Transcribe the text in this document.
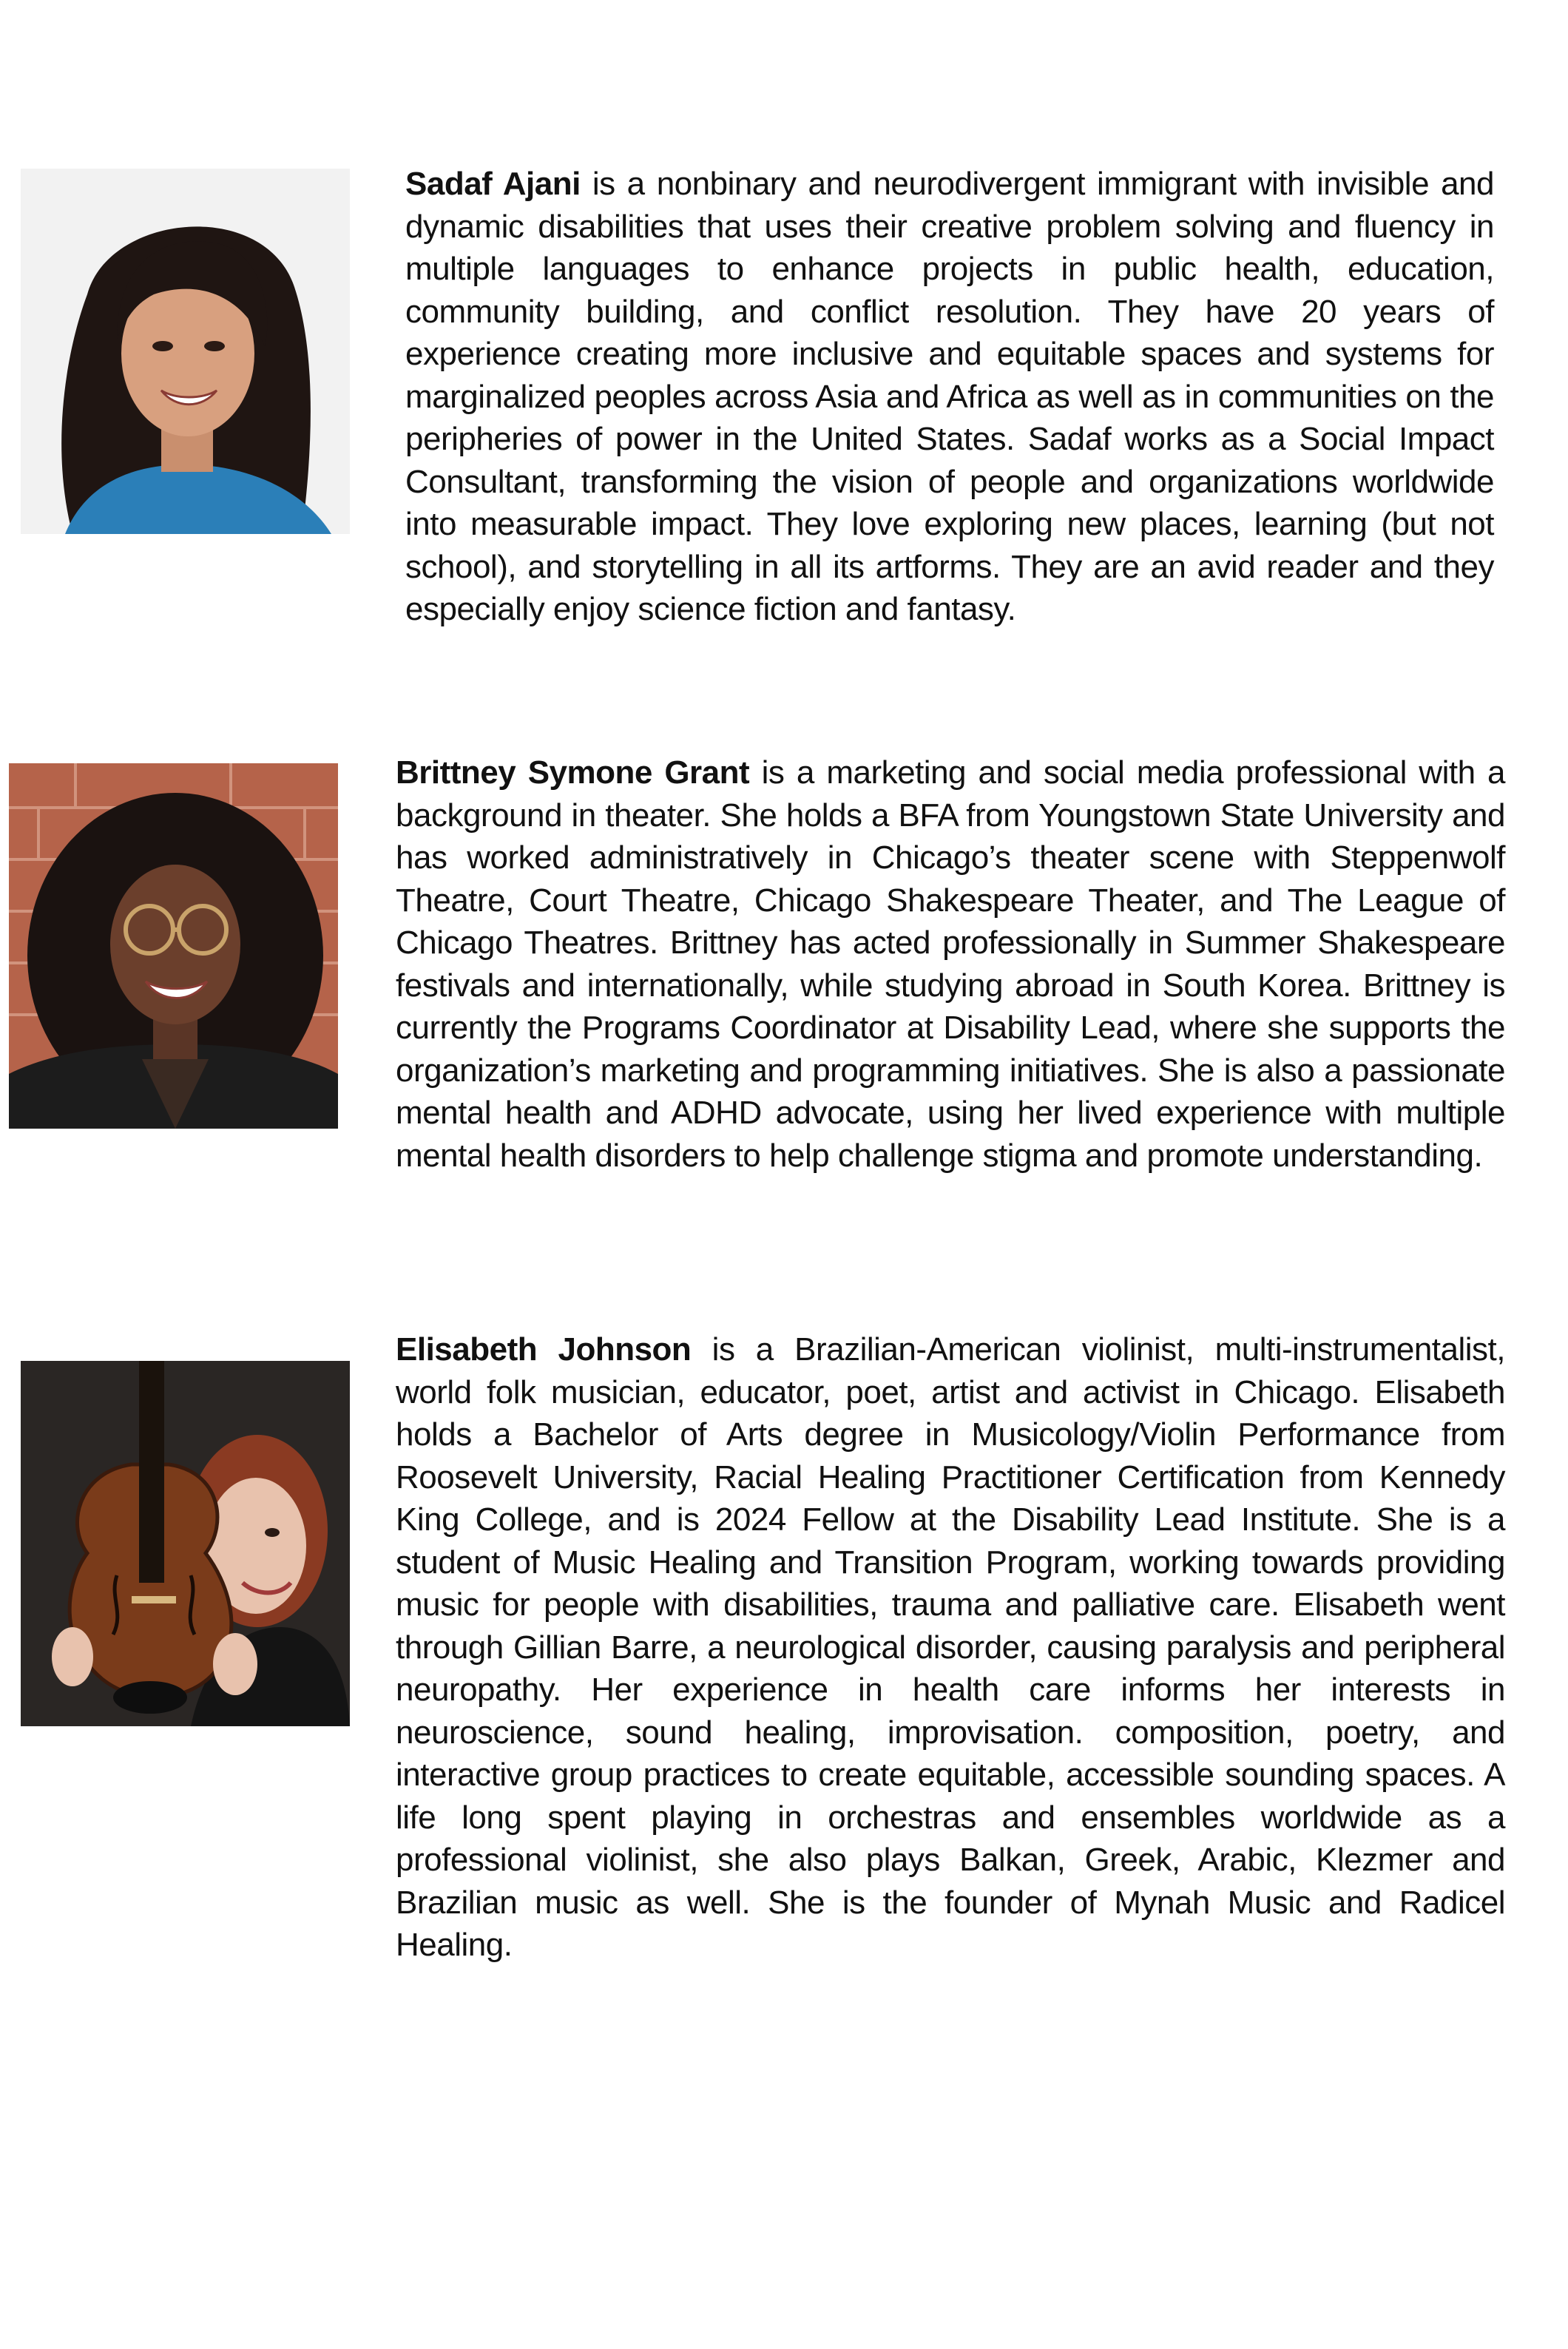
Sadaf Ajani is a nonbinary and neurodivergent immigrant with invisible and dynamic disabilities that uses their creative problem solving and fluency in multiple languages to enhance projects in public health, education, community building, and conflict resolution. They have 20 years of experience creating more inclusive and equitable spaces and systems for marginalized peoples across Asia and Africa as well as in communities on the peripheries of power in the United States. Sadaf works as a Social Impact Consultant, transforming the vision of people and organizations worldwide into measurable impact. They love exploring new places, learning (but not school), and storytelling in all its artforms. They are an avid reader and they especially enjoy science fiction and fantasy.
Brittney Symone Grant is a marketing and social media professional with a background in theater. She holds a BFA from Youngstown State University and has worked administratively in Chicago’s theater scene with Steppenwolf Theatre, Court Theatre, Chicago Shakespeare Theater, and The League of Chicago Theatres. Brittney has acted professionally in Summer Shakespeare festivals and internationally, while studying abroad in South Korea. Brittney is currently the Programs Coordinator at Disability Lead, where she supports the organization’s marketing and programming initiatives. She is also a passionate mental health and ADHD advocate, using her lived experience with multiple mental health disorders to help challenge stigma and promote understanding.
Elisabeth Johnson is a Brazilian-American violinist, multi-instrumentalist, world folk musician, educator, poet, artist and activist in Chicago. Elisabeth holds a Bachelor of Arts degree in Musicology/Violin Performance from Roosevelt University, Racial Healing Practitioner Certification from Kennedy King College, and is 2024 Fellow at the Disability Lead Institute. She is a student of Music Healing and Transition Program, working towards providing music for people with disabilities, trauma and palliative care. Elisabeth went through Gillian Barre, a neurological disorder, causing paralysis and peripheral neuropathy. Her experience in health care informs her interests in neuroscience, sound healing, improvisation. composition, poetry, and interactive group practices to create equitable, accessible sounding spaces. A life long spent playing in orchestras and ensembles worldwide as a professional violinist, she also plays Balkan, Greek, Arabic, Klezmer and Brazilian music as well. She is the founder of Mynah Music and Radicel Healing.
